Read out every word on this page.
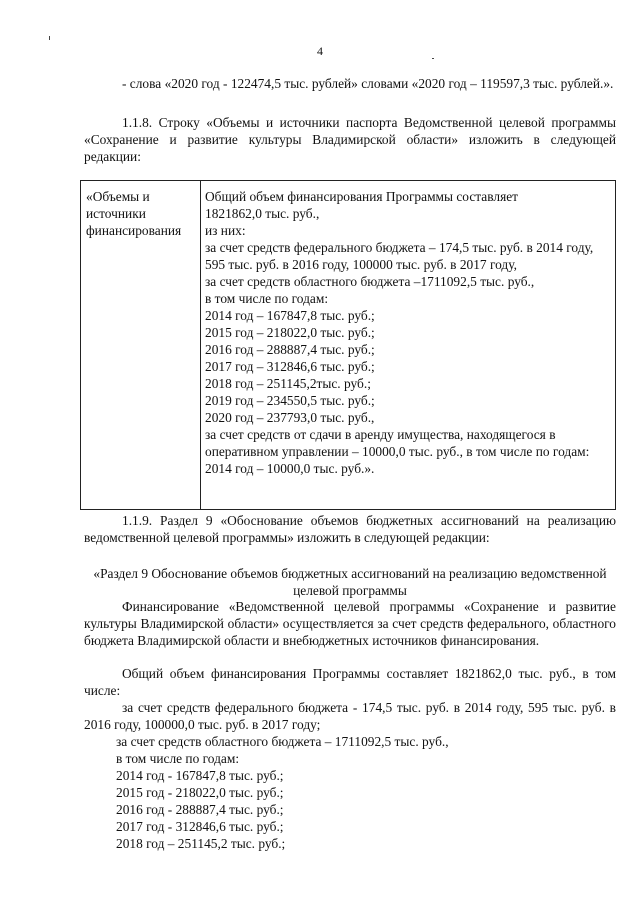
4
- слова «2020 год - 122474,5 тыс. рублей» словами «2020 год – 119597,3 тыс. рублей.».
1.1.8. Строку «Объемы и источники паспорта Ведомственной целевой программы «Сохранение и развитие культуры Владимирской области» изложить в следующей редакции:
«Объемы и источники финансирования
Общий объем финансирования Программы составляет
1821862,0 тыс. руб.,
из них:
за счет средств федерального бюджета – 174,5 тыс. руб. в 2014 году, 595 тыс. руб. в 2016 году, 100000 тыс. руб. в 2017 году,
за счет средств областного бюджета –1711092,5 тыс. руб.,
в том числе по годам:
2014 год – 167847,8 тыс. руб.;
2015 год – 218022,0 тыс. руб.;
2016 год – 288887,4 тыс. руб.;
2017 год – 312846,6 тыс. руб.;
2018 год – 251145,2тыс. руб.;
2019 год – 234550,5 тыс. руб.;
2020 год – 237793,0 тыс. руб.,
за счет средств от сдачи в аренду имущества, находящегося в оперативном управлении – 10000,0 тыс. руб., в том числе по годам:
2014 год – 10000,0 тыс. руб.».
1.1.9. Раздел 9 «Обоснование объемов бюджетных ассигнований на реализацию ведомственной целевой программы» изложить в следующей редакции:
«Раздел 9 Обоснование объемов бюджетных ассигнований на реализацию ведомственной целевой программы
Финансирование «Ведомственной целевой программы «Сохранение и развитие культуры Владимирской области» осуществляется за счет средств федерального, областного бюджета Владимирской области и внебюджетных источников финансирования.
Общий объем финансирования Программы составляет 1821862,0 тыс. руб., в том числе:
за счет средств федерального бюджета - 174,5 тыс. руб. в 2014 году, 595 тыс. руб. в 2016 году, 100000,0 тыс. руб. в 2017 году;
за счет средств областного бюджета – 1711092,5 тыс. руб.,
в том числе по годам:
2014 год - 167847,8 тыс. руб.;
2015 год - 218022,0 тыс. руб.;
2016 год - 288887,4 тыс. руб.;
2017 год - 312846,6 тыс. руб.;
2018 год – 251145,2 тыс. руб.;
